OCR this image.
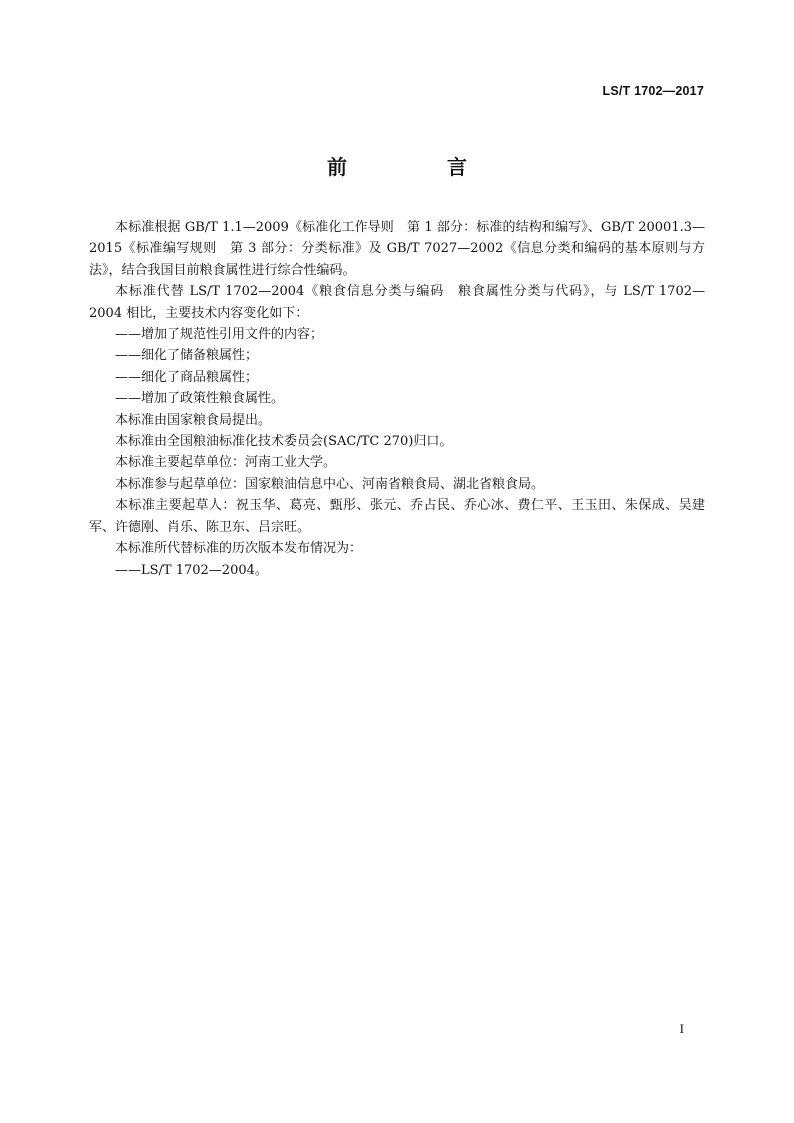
LS/T 1702—2017
前　言

本标准根据 GB/T 1.1—2009《标准化工作导则　第 1 部分：标准的结构和编写》、GB/T 20001.3—2015《标准编写规则　第 3 部分：分类标准》及 GB/T 7027—2002《信息分类和编码的基本原则与方法》，结合我国目前粮食属性进行综合性编码。

本标准代替 LS/T 1702—2004《粮食信息分类与编码　粮食属性分类与代码》，与 LS/T 1702—2004 相比，主要技术内容变化如下：

——增加了规范性引用文件的内容；

——细化了储备粮属性；

——细化了商品粮属性；

——增加了政策性粮食属性。

本标准由国家粮食局提出。

本标准由全国粮油标准化技术委员会(SAC/TC 270)归口。

本标准主要起草单位：河南工业大学。

本标准参与起草单位：国家粮油信息中心、河南省粮食局、湖北省粮食局。

本标准主要起草人：祝玉华、葛亮、甄彤、张元、乔占民、乔心冰、费仁平、王玉田、朱保成、吴建军、许德刚、肖乐、陈卫东、吕宗旺。

本标准所代替标准的历次版本发布情况为：

——LS/T 1702—2004。

I
